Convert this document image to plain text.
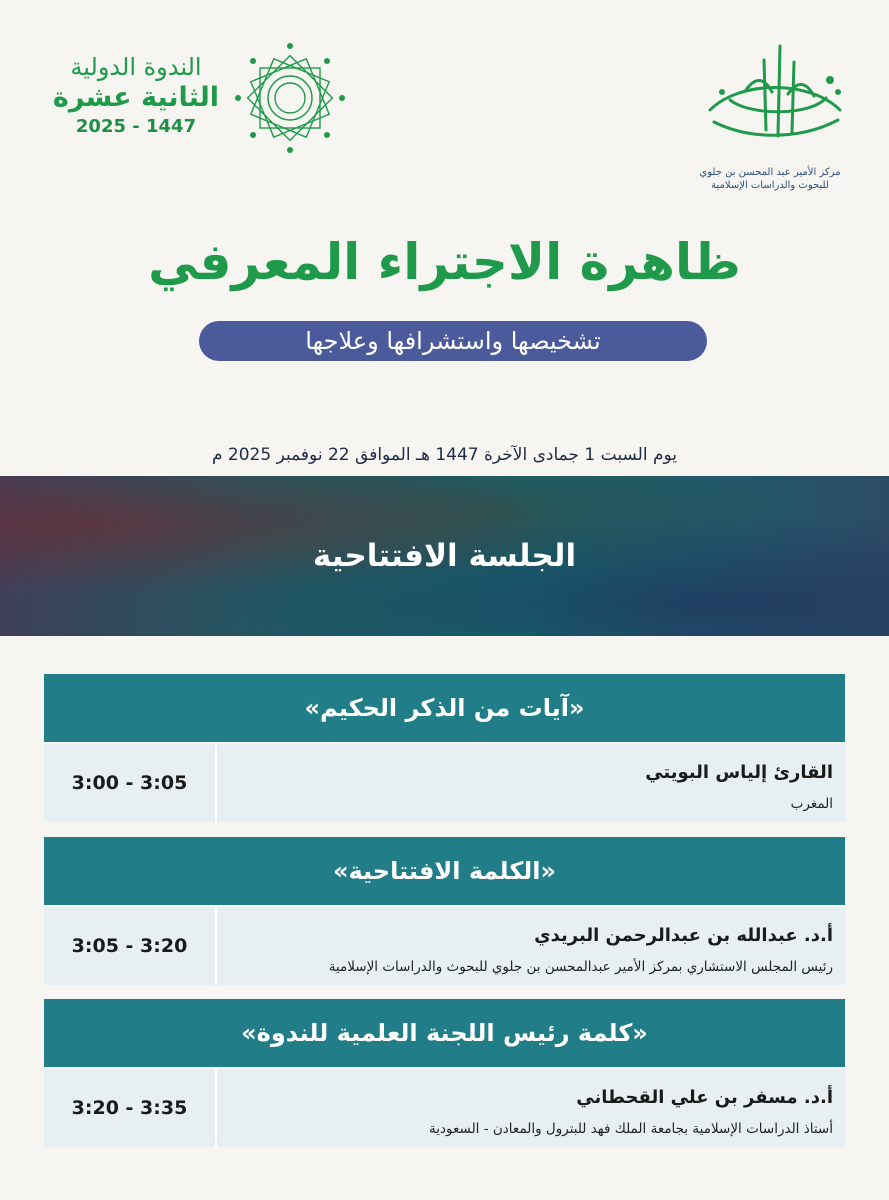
الندوة الدولية
الثانية عشرة
2025 - 1447
مركز الأمير عبد المحسن بن جلوي
للبحوث والدراسات الإسلامية
ظاهرة الاجتراء المعرفي
تشخيصها واستشرافها وعلاجها
يوم السبت 1 جمادى الآخرة 1447 هـ الموافق 22 نوفمبر 2025 م
الجلسة الافتتاحية
«آيات من الذكر الحكيم»
القارئ إلياس البويتي
المغرب
3:00 - 3:05
«الكلمة الافتتاحية»
أ.د. عبدالله بن عبدالرحمن البريدي
رئيس المجلس الاستشاري بمركز الأمير عبدالمحسن بن جلوي للبحوث والدراسات الإسلامية
3:05 - 3:20
«كلمة رئيس اللجنة العلمية للندوة»
أ.د. مسفر بن علي القحطاني
أستاذ الدراسات الإسلامية بجامعة الملك فهد للبترول والمعادن - السعودية
3:20 - 3:35
